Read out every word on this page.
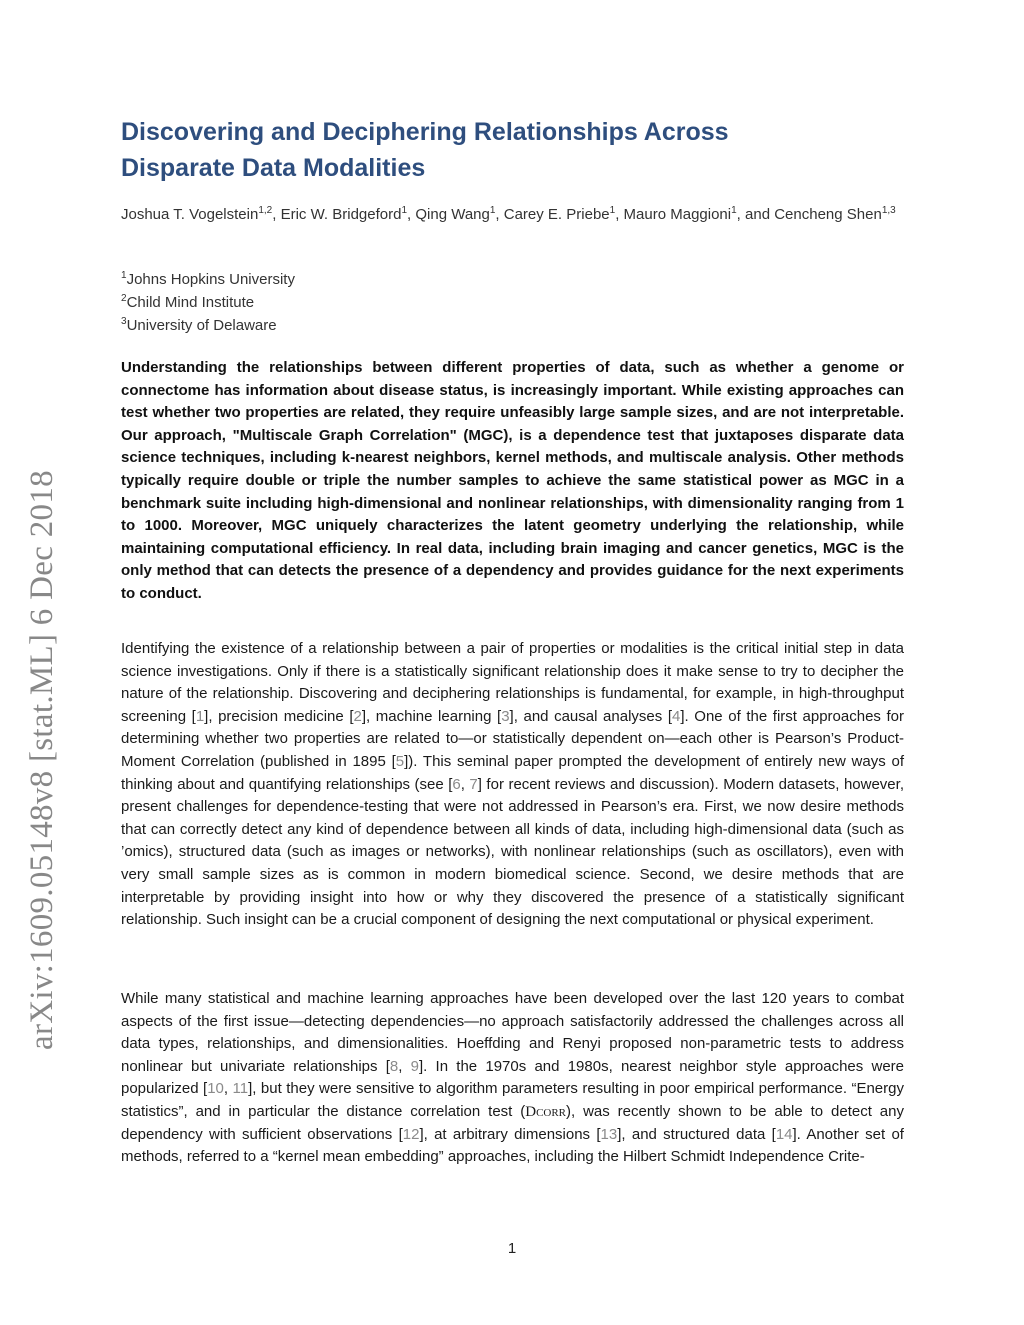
arXiv:1609.05148v8 [stat.ML] 6 Dec 2018
Discovering and Deciphering Relationships Across Disparate Data Modalities
Joshua T. Vogelstein$^{1,2}$, Eric W. Bridgeford$^1$, Qing Wang$^1$, Carey E. Priebe$^1$, Mauro Maggioni$^1$, and Cencheng Shen$^{1,3}$
$^1$Johns Hopkins University
$^2$Child Mind Institute
$^3$University of Delaware
Understanding the relationships between different properties of data, such as whether a genome or connectome has information about disease status, is increasingly important. While existing approaches can test whether two properties are related, they require unfeasibly large sample sizes, and are not interpretable. Our approach, "Multiscale Graph Correlation" (MGC), is a dependence test that juxtaposes disparate data science techniques, including k-nearest neighbors, kernel methods, and multiscale analysis. Other methods typically require double or triple the number samples to achieve the same statistical power as MGC in a benchmark suite including high-dimensional and nonlinear relationships, with dimensionality ranging from 1 to 1000. Moreover, MGC uniquely characterizes the latent geometry underlying the relationship, while maintaining computational efficiency. In real data, including brain imaging and cancer genetics, MGC is the only method that can detects the presence of a dependency and provides guidance for the next experiments to conduct.
Identifying the existence of a relationship between a pair of properties or modalities is the critical initial step in data science investigations. Only if there is a statistically significant relationship does it make sense to try to decipher the nature of the relationship. Discovering and deciphering relationships is fundamental, for example, in high-throughput screening [1], precision medicine [2], machine learning [3], and causal analyses [4]. One of the first approaches for determining whether two properties are related to—or statistically dependent on—each other is Pearson’s Product-Moment Correlation (published in 1895 [5]). This seminal paper prompted the development of entirely new ways of thinking about and quantifying relationships (see [6, 7] for recent reviews and discussion). Modern datasets, however, present challenges for dependence-testing that were not addressed in Pearson’s era. First, we now desire methods that can correctly detect any kind of dependence between all kinds of data, including high-dimensional data (such as ’omics), structured data (such as images or networks), with nonlinear relationships (such as oscillators), even with very small sample sizes as is common in modern biomedical science. Second, we desire methods that are interpretable by providing insight into how or why they discovered the presence of a statistically significant relationship. Such insight can be a crucial component of designing the next computational or physical experiment.
While many statistical and machine learning approaches have been developed over the last 120 years to combat aspects of the first issue—detecting dependencies—no approach satisfactorily addressed the challenges across all data types, relationships, and dimensionalities. Hoeffding and Renyi proposed non-parametric tests to address nonlinear but univariate relationships [8, 9]. In the 1970s and 1980s, nearest neighbor style approaches were popularized [10, 11], but they were sensitive to algorithm parameters resulting in poor empirical performance. “Energy statistics”, and in particular the distance correlation test (Dcorr), was recently shown to be able to detect any dependency with sufficient observations [12], at arbitrary dimensions [13], and structured data [14]. Another set of methods, referred to a “kernel mean embedding” approaches, including the Hilbert Schmidt Independence Crite-
1
